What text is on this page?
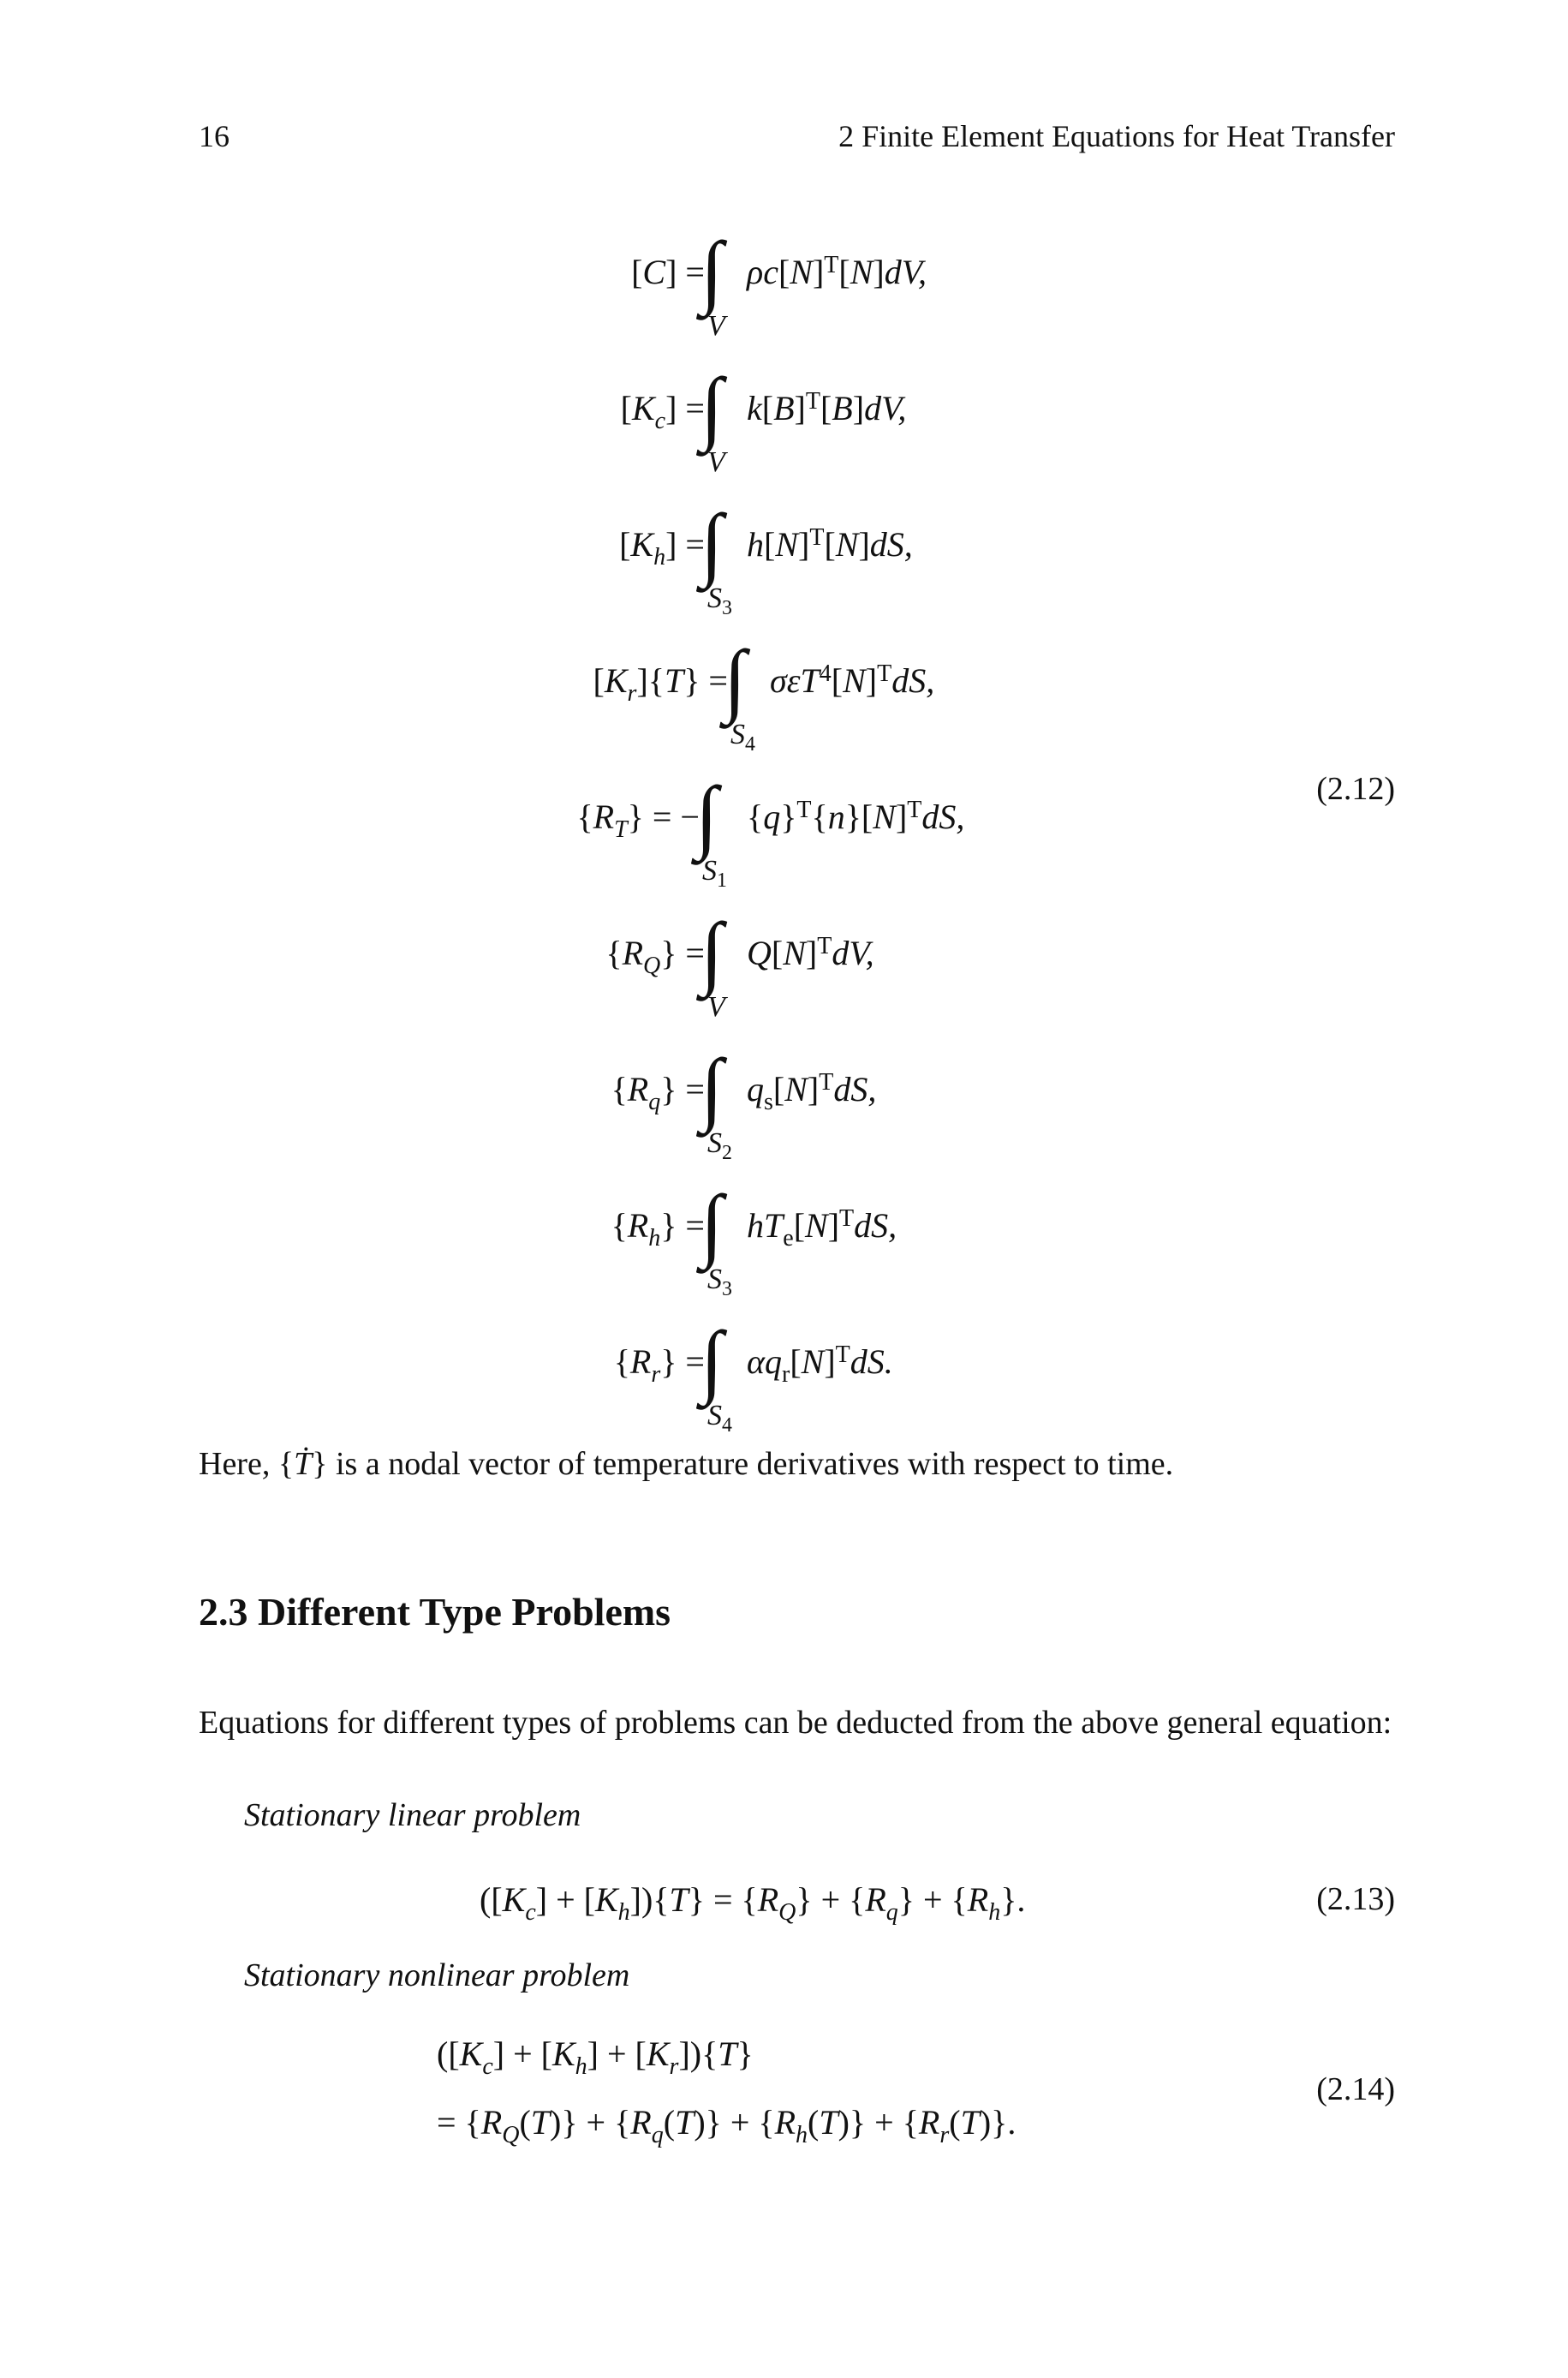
16	2 Finite Element Equations for Heat Transfer
[C] =
∫ $\rho c[N]^T[N]dV$,
V
$[K_c]$ =
∫ $k[B]^T[B]dV$,
V
$[K_h]$ =
∫ $h[N]^T[N]dS$,
$S_3$
$[K_r]\{T\}$ =
∫ $\sigma\varepsilon T^4[N]^TdS$,
$S_4$
$\{R_T\}$ = −
∫ $\{q\}^T\{n\}[N]^TdS$,
$S_1$
$\{R_Q\}$ =
∫ $Q[N]^TdV$,
V
$\{R_q\}$ =
∫ $q_s[N]^TdS$,
$S_2$
$\{R_h\}$ =
∫ $hT_e[N]^TdS$,
$S_3$
$\{R_r\}$ =
∫ $\alpha q_r[N]^TdS$.
$S_4$
(2.12)
Here, {Ṫ} is a nodal vector of temperature derivatives with respect to time.
2.3 Different Type Problems
Equations for different types of problems can be deducted from the above general equation:
Stationary linear problem
$([K_c] + [K_h])\{T\} = \{R_Q\} + \{R_q\} + \{R_h\}$.	(2.13)
Stationary nonlinear problem
$([K_c] + [K_h] + [K_r])\{T\}$
= $\{R_Q(T)\} + \{R_q(T)\} + \{R_h(T)\} + \{R_r(T)\}$.
(2.14)
